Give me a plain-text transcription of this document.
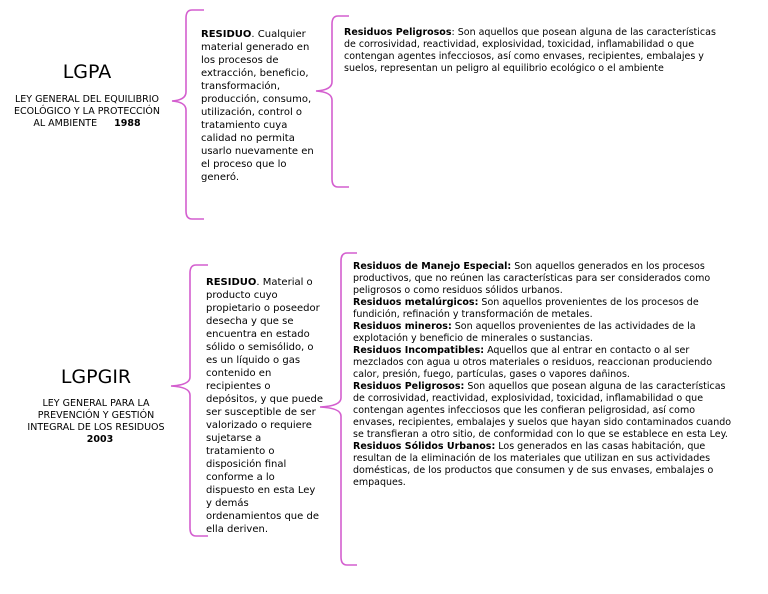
LGPA
LEY GENERAL DEL EQUILIBRIO ECOLÓGICO Y LA PROTECCIÓN AL AMBIENTE 1988
RESIDUO. Cualquier material generado en los procesos de extracción, beneficio, transformación, producción, consumo, utilización, control o tratamiento cuya calidad no permita usarlo nuevamente en el proceso que lo generó.
Residuos Peligrosos: Son aquellos que posean alguna de las características de corrosividad, reactividad, explosividad, toxicidad, inflamabilidad o que contengan agentes infecciosos, así como envases, recipientes, embalajes y suelos, representan un peligro al equilibrio ecológico o el ambiente
LGPGIR
LEY GENERAL PARA LA PREVENCIÓN Y GESTIÓN INTEGRAL DE LOS RESIDUOS 2003
RESIDUO. Material o producto cuyo propietario o poseedor desecha y que se encuentra en estado sólido o semisólido, o es un líquido o gas contenido en recipientes o depósitos, y que puede ser susceptible de ser valorizado o requiere sujetarse a tratamiento o disposición final conforme a lo dispuesto en esta Ley y demás ordenamientos que de ella deriven.
Residuos de Manejo Especial: Son aquellos generados en los procesos productivos, que no reúnen las características para ser considerados como peligrosos o como residuos sólidos urbanos.
Residuos metalúrgicos: Son aquellos provenientes de los procesos de fundición, refinación y transformación de metales.
Residuos mineros: Son aquellos provenientes de las actividades de la explotación y beneficio de minerales o sustancias.
Residuos Incompatibles: Aquellos que al entrar en contacto o al ser mezclados con agua u otros materiales o residuos, reaccionan produciendo calor, presión, fuego, partículas, gases o vapores dañinos.
Residuos Peligrosos: Son aquellos que posean alguna de las características de corrosividad, reactividad, explosividad, toxicidad, inflamabilidad o que contengan agentes infecciosos que les confieran peligrosidad, así como envases, recipientes, embalajes y suelos que hayan sido contaminados cuando se transfieran a otro sitio, de conformidad con lo que se establece en esta Ley.
Residuos Sólidos Urbanos: Los generados en las casas habitación, que resultan de la eliminación de los materiales que utilizan en sus actividades domésticas, de los productos que consumen y de sus envases, embalajes o empaques.
